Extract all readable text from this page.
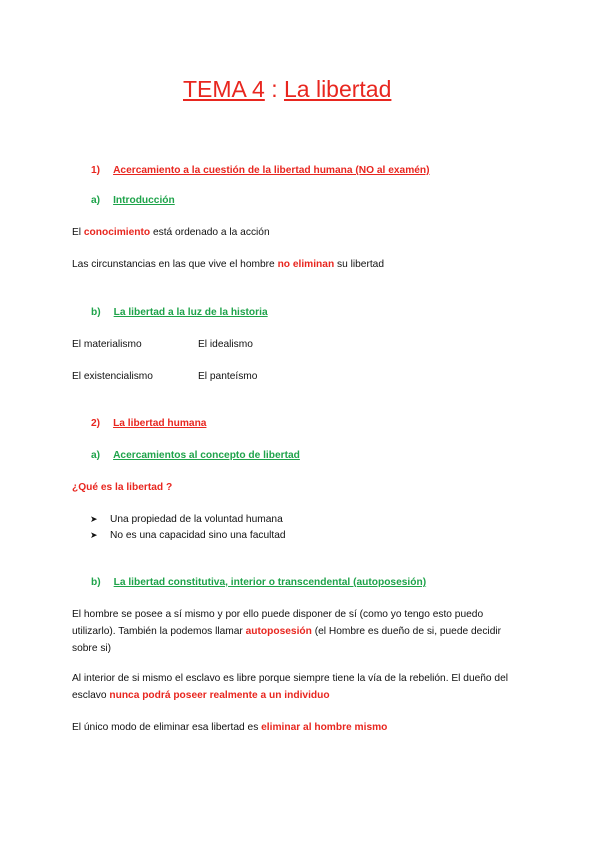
TEMA 4 : La libertad
1) Acercamiento a la cuestión de la libertad humana (NO al examén)
a) Introducción
El conocimiento está ordenado a la acción
Las circunstancias en las que vive el hombre no eliminan su libertad
b) La libertad a la luz de la historia
El materialismo	El idealismo
El existencialismo	El panteísmo
2) La libertad humana
a) Acercamientos al concepto de libertad
¿Qué es la libertad ?
➤ Una propiedad de la voluntad humana
➤ No es una capacidad sino una facultad
b) La libertad constitutiva, interior o transcendental (autoposesión)

El hombre se posee a sí mismo y por ello puede disponer de sí (como yo tengo esto puedo utilizarlo). También la podemos llamar autoposesión (el Hombre es dueño de si, puede decidir sobre si)

Al interior de si mismo el esclavo es libre porque siempre tiene la vía de la rebelión. El dueño del esclavo nunca podrá poseer realmente a un individuo

El único modo de eliminar esa libertad es eliminar al hombre mismo
